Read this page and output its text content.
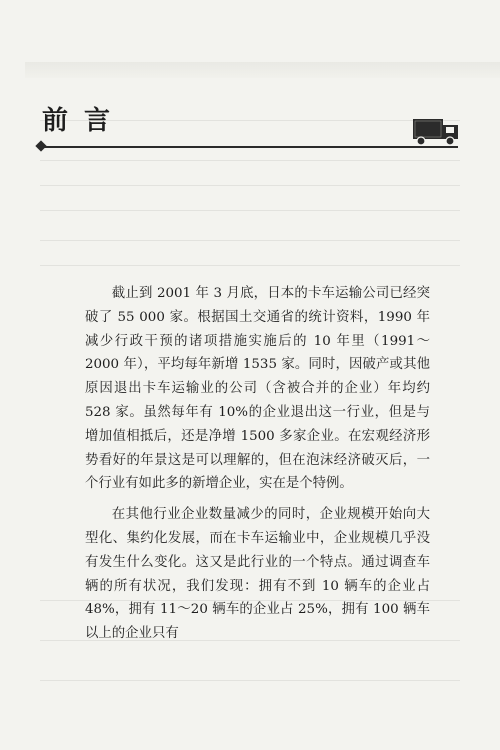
前言

截止到 2001 年 3 月底，日本的卡车运输公司已经突破了 55 000 家。根据国土交通省的统计资料，1990 年减少行政干预的诸项措施实施后的 10 年里（1991～2000 年），平均每年新增 1535 家。同时，因破产或其他原因退出卡车运输业的公司（含被合并的企业）年均约 528 家。虽然每年有 10%的企业退出这一行业，但是与增加值相抵后，还是净增 1500 多家企业。在宏观经济形势看好的年景这是可以理解的，但在泡沫经济破灭后，一个行业有如此多的新增企业，实在是个特例。

在其他行业企业数量减少的同时，企业规模开始向大型化、集约化发展，而在卡车运输业中，企业规模几乎没有发生什么变化。这又是此行业的一个特点。通过调查车辆的所有状况，我们发现：拥有不到 10 辆车的企业占 48%，拥有 11～20 辆车的企业占 25%，拥有 100 辆车以上的企业只有
